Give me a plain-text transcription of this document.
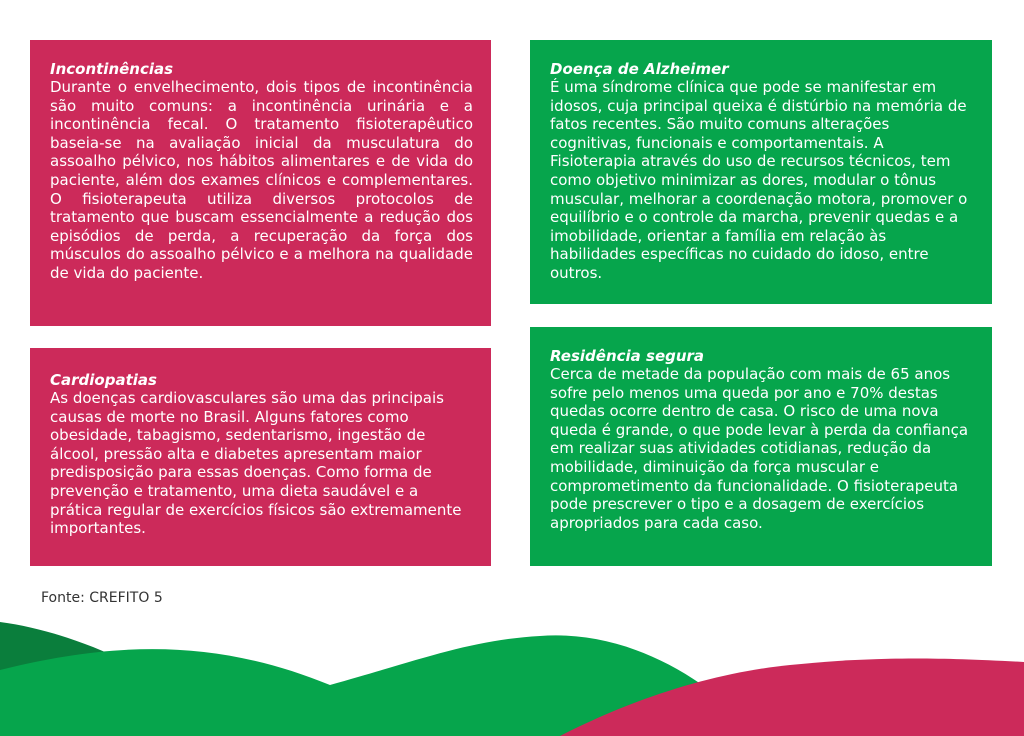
Incontinências

Durante o envelhecimento, dois tipos de incontinência são muito comuns: a incontinência urinária e a incontinência fecal. O tratamento fisioterapêutico baseia-se na avaliação inicial da musculatura do assoalho pélvico, nos hábitos alimentares e de vida do paciente, além dos exames clínicos e complementares. O fisioterapeuta utiliza diversos protocolos de tratamento que buscam essencialmente a redução dos episódios de perda, a recuperação da força dos músculos do assoalho pélvico e a melhora na qualidade de vida do paciente.

Cardiopatias

As doenças cardiovasculares são uma das principais causas de morte no Brasil. Alguns fatores como obesidade, tabagismo, sedentarismo, ingestão de álcool, pressão alta e diabetes apresentam maior predisposição para essas doenças. Como forma de prevenção e tratamento, uma dieta saudável e a prática regular de exercícios físicos são extremamente importantes.

Doença de Alzheimer

É uma síndrome clínica que pode se manifestar em idosos, cuja principal queixa é distúrbio na memória de fatos recentes. São muito comuns alterações cognitivas, funcionais e comportamentais. A Fisioterapia através do uso de recursos técnicos, tem como objetivo minimizar as dores, modular o tônus muscular, melhorar a coordenação motora, promover o equilíbrio e o controle da marcha, prevenir quedas e a imobilidade, orientar a família em relação às habilidades específicas no cuidado do idoso, entre outros.

Residência segura

Cerca de metade da população com mais de 65 anos sofre pelo menos uma queda por ano e 70% destas quedas ocorre dentro de casa. O risco de uma nova queda é grande, o que pode levar à perda da confiança em realizar suas atividades cotidianas, redução da mobilidade, diminuição da força muscular e comprometimento da funcionalidade. O fisioterapeuta pode prescrever o tipo e a dosagem de exercícios apropriados para cada caso.

Fonte: CREFITO 5
